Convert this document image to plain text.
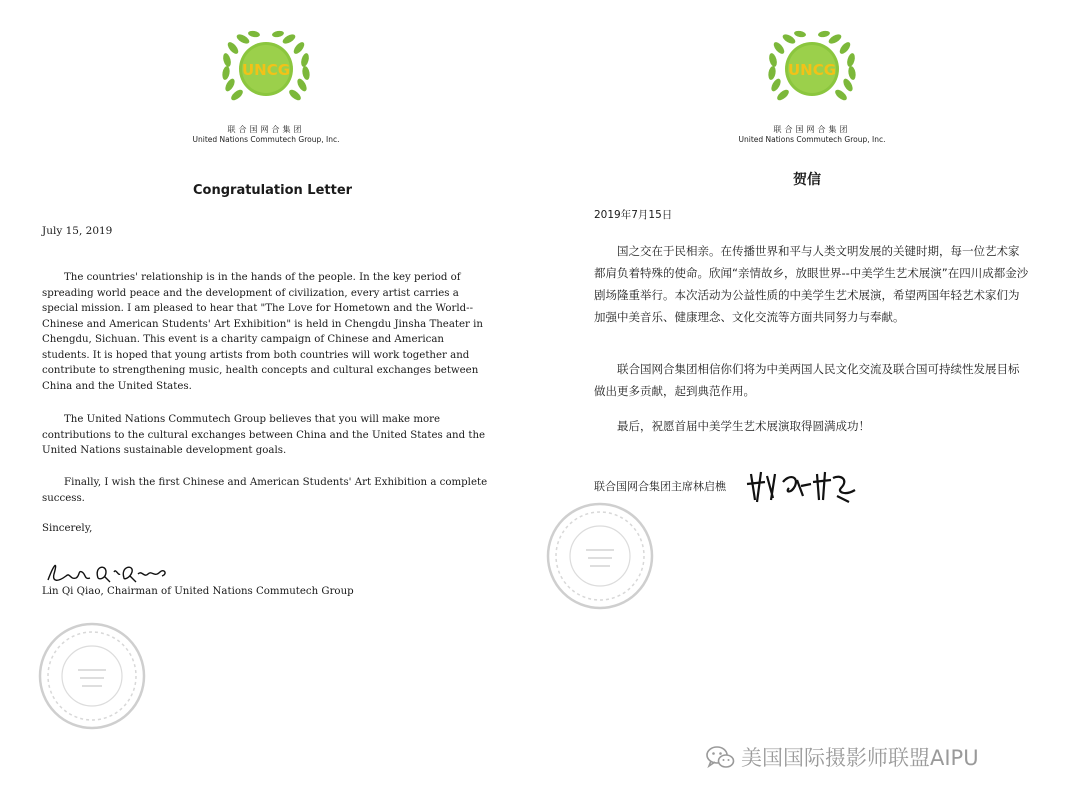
UNCG
联合国网合集团
United Nations Commutech Group, Inc.
Congratulation Letter
July 15, 2019

The countries' relationship is in the hands of the people. In the key period of spreading world peace and the development of civilization, every artist carries a special mission. I am pleased to hear that "The Love for Hometown and the World--Chinese and American Students' Art Exhibition" is held in Chengdu Jinsha Theater in Chengdu, Sichuan. This event is a charity campaign of Chinese and American students. It is hoped that young artists from both countries will work together and contribute to strengthening music, health concepts and cultural exchanges between China and the United States.

The United Nations Commutech Group believes that you will make more contributions to the cultural exchanges between China and the United States and the United Nations sustainable development goals.

Finally, I wish the first Chinese and American Students' Art Exhibition a complete success.

Sincerely,
Lin Qi Qiao, Chairman of United Nations Commutech Group
UNCG
联合国网合集团
United Nations Commutech Group, Inc.
贺信
2019年7月15日

国之交在于民相亲。在传播世界和平与人类文明发展的关键时期，每一位艺术家都肩负着特殊的使命。欣闻“亲情故乡，放眼世界--中美学生艺术展演”在四川成都金沙剧场隆重举行。本次活动为公益性质的中美学生艺术展演，希望两国年轻艺术家们为加强中美音乐、健康理念、文化交流等方面共同努力与奉献。

联合国网合集团相信你们将为中美两国人民文化交流及联合国可持续性发展目标做出更多贡献，起到典范作用。

最后，祝愿首届中美学生艺术展演取得圆满成功！

联合国网合集团主席林启樵
美国国际摄影师联盟AIPU
